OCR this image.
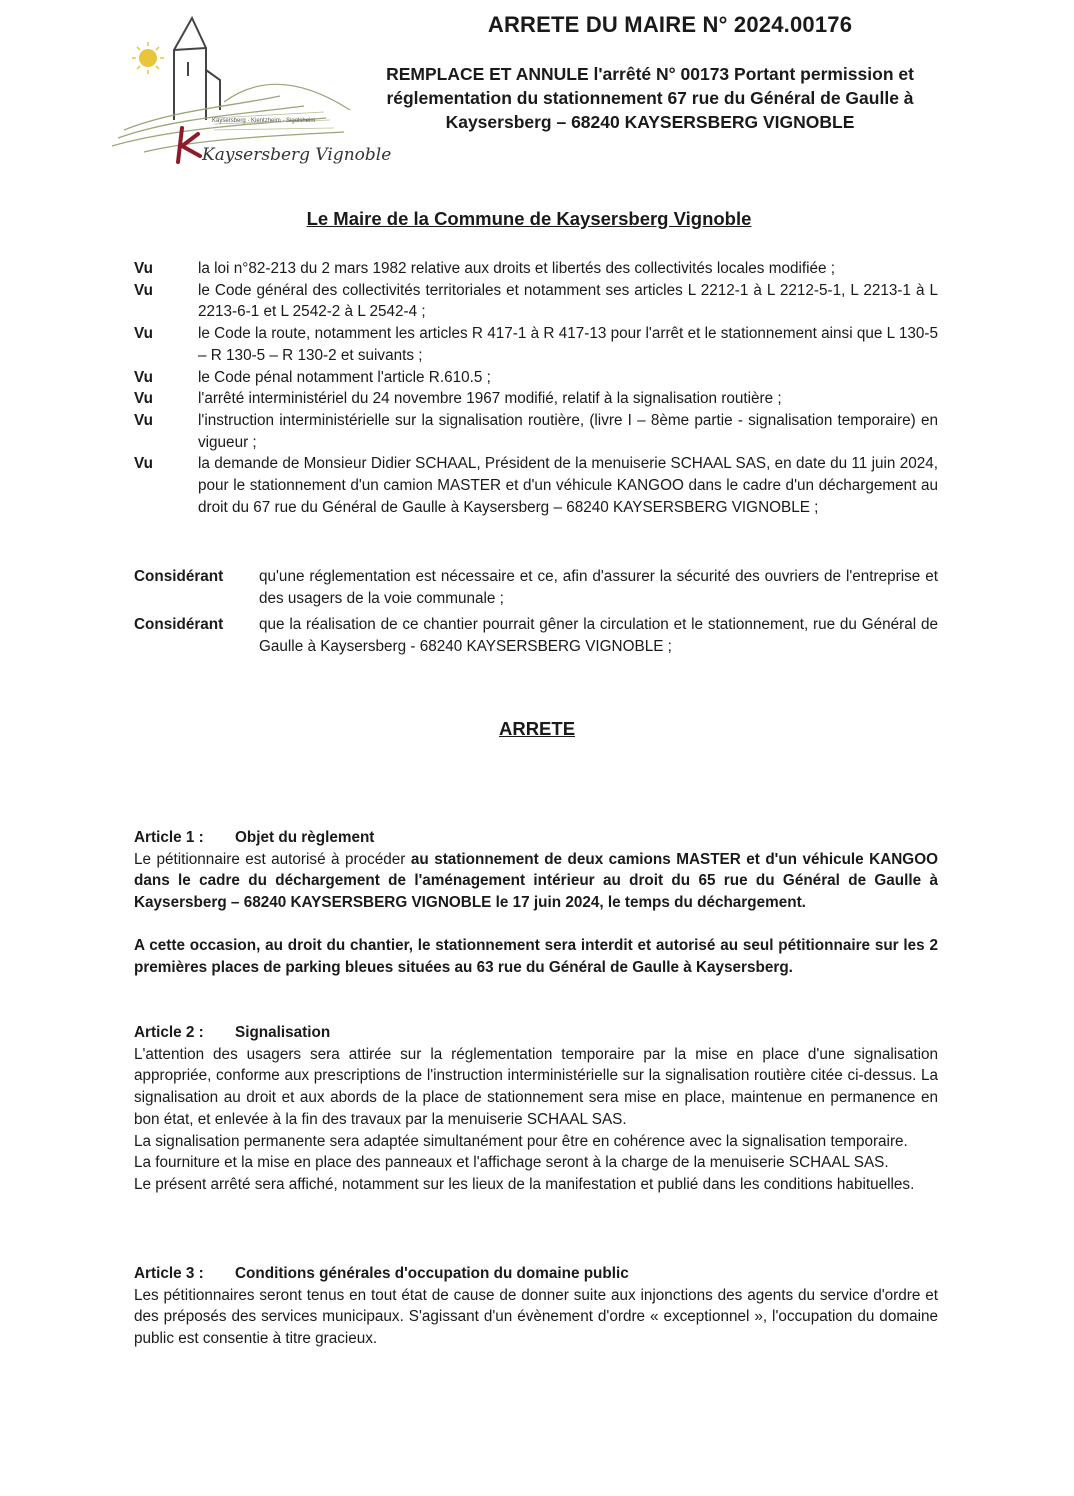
Kaysersberg · Kientzheim · Sigolsheim
Kaysersberg Vignoble
ARRETE DU MAIRE N° 2024.00176
REMPLACE ET ANNULE l'arrêté N° 00173 Portant permission et
réglementation du stationnement 67 rue du Général de Gaulle à
Kaysersberg – 68240 KAYSERSBERG VIGNOBLE
Le Maire de la Commune de Kaysersberg Vignoble
Vu	la loi n°82-213 du 2 mars 1982 relative aux droits et libertés des collectivités locales modifiée ;
Vu	le Code général des collectivités territoriales et notamment ses articles L 2212-1 à L 2212-5-1, L 2213-1 à L 2213-6-1 et L 2542-2 à L 2542-4 ;
Vu	le Code la route, notamment les articles R 417-1 à R 417-13 pour l'arrêt et le stationnement ainsi que L 130-5 – R 130-5 – R 130-2 et suivants ;
Vu	le Code pénal notamment l'article R.610.5 ;
Vu	l'arrêté interministériel du 24 novembre 1967 modifié, relatif à la signalisation routière ;
Vu	l'instruction interministérielle sur la signalisation routière, (livre I – 8ème partie - signalisation temporaire) en vigueur ;
Vu	la demande de Monsieur Didier SCHAAL, Président de la menuiserie SCHAAL SAS, en date du 11 juin 2024, pour le stationnement d'un camion MASTER et d'un véhicule KANGOO dans le cadre d'un déchargement au droit du 67 rue du Général de Gaulle à Kaysersberg – 68240 KAYSERSBERG VIGNOBLE ;
Considérant	qu'une réglementation est nécessaire et ce, afin d'assurer la sécurité des ouvriers de l'entreprise et des usagers de la voie communale ;
Considérant	que la réalisation de ce chantier pourrait gêner la circulation et le stationnement, rue du Général de Gaulle à Kaysersberg - 68240 KAYSERSBERG VIGNOBLE ;
ARRETE
Article 1 :	Objet du règlement

Le pétitionnaire est autorisé à procéder au stationnement de deux camions MASTER et d'un véhicule KANGOO dans le cadre du déchargement de l'aménagement intérieur au droit du 65 rue du Général de Gaulle à Kaysersberg – 68240 KAYSERSBERG VIGNOBLE le 17 juin 2024, le temps du déchargement.

A cette occasion, au droit du chantier, le stationnement sera interdit et autorisé au seul pétitionnaire sur les 2 premières places de parking bleues situées au 63 rue du Général de Gaulle à Kaysersberg.

Article 2 :	Signalisation

L'attention des usagers sera attirée sur la réglementation temporaire par la mise en place d'une signalisation appropriée, conforme aux prescriptions de l'instruction interministérielle sur la signalisation routière citée ci-dessus. La signalisation au droit et aux abords de la place de stationnement sera mise en place, maintenue en permanence en bon état, et enlevée à la fin des travaux par la menuiserie SCHAAL SAS.

La signalisation permanente sera adaptée simultanément pour être en cohérence avec la signalisation temporaire.

La fourniture et la mise en place des panneaux et l'affichage seront à la charge de la menuiserie SCHAAL SAS.

Le présent arrêté sera affiché, notamment sur les lieux de la manifestation et publié dans les conditions habituelles.

Article 3 :	Conditions générales d'occupation du domaine public

Les pétitionnaires seront tenus en tout état de cause de donner suite aux injonctions des agents du service d'ordre et des préposés des services municipaux. S'agissant d'un évènement d'ordre « exceptionnel », l'occupation du domaine public est consentie à titre gracieux.
